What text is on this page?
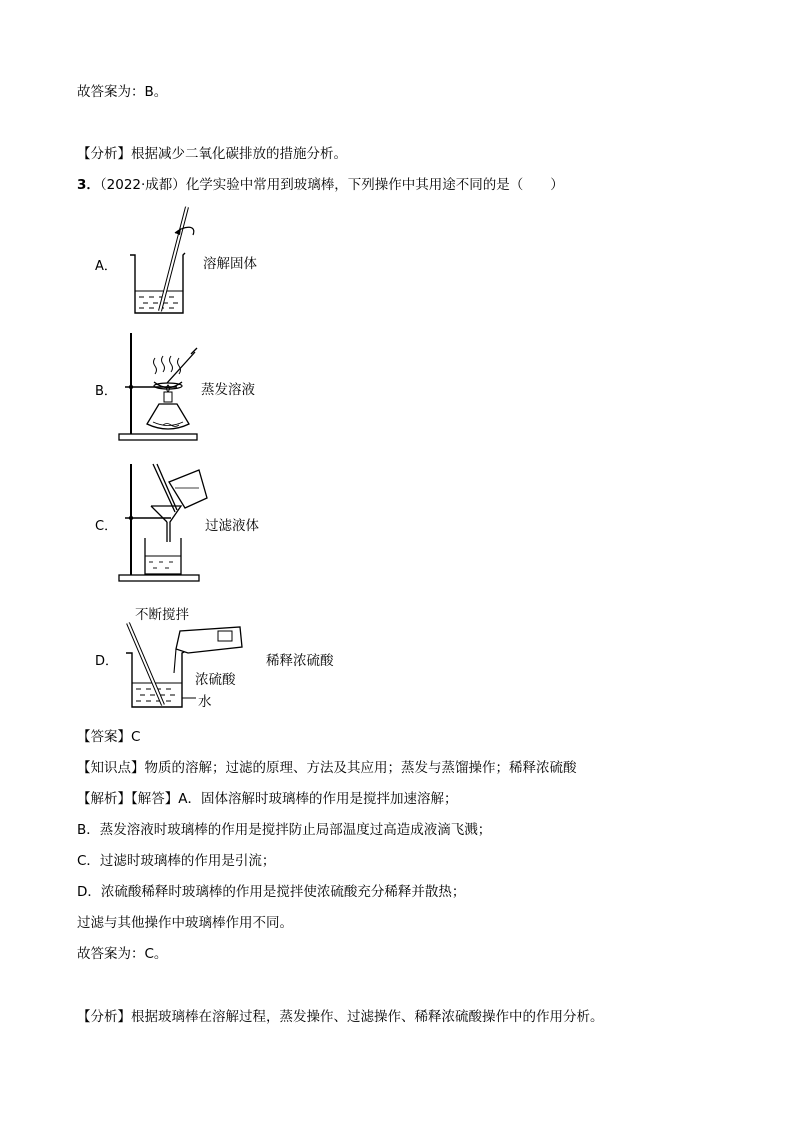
故答案为：B。
【分析】根据减少二氧化碳排放的措施分析。
3．（2022·成都）化学实验中常用到玻璃棒，下列操作中其用途不同的是（　　）
A．	溶解固体
B．	蒸发溶液
C．	过滤液体
D．
不断搅拌
浓硫酸
水
稀释浓硫酸
【答案】C
【知识点】物质的溶解；过滤的原理、方法及其应用；蒸发与蒸馏操作；稀释浓硫酸
【解析】【解答】A．固体溶解时玻璃棒的作用是搅拌加速溶解；
B．蒸发溶液时玻璃棒的作用是搅拌防止局部温度过高造成液滴飞溅；
C．过滤时玻璃棒的作用是引流；
D．浓硫酸稀释时玻璃棒的作用是搅拌使浓硫酸充分稀释并散热；
过滤与其他操作中玻璃棒作用不同。
故答案为：C。
【分析】根据玻璃棒在溶解过程，蒸发操作、过滤操作、稀释浓硫酸操作中的作用分析。
